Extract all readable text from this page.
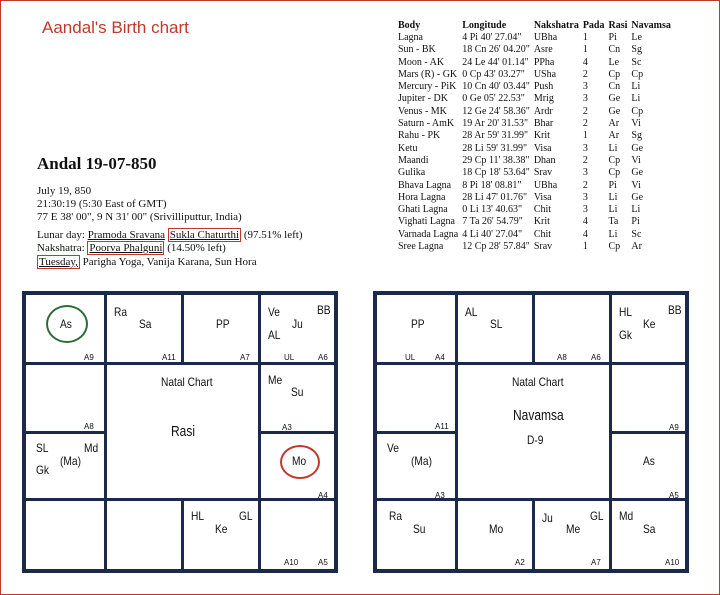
Aandal's Birth chart
Andal 19-07-850
July 19, 850
21:30:19 (5:30 East of GMT)
77 E 38' 00", 9 N 31' 00" (Srivilliputtur, India)
Lunar day: Pramoda Sravana Sukla Chaturthi (97.51% left)
Nakshatra: Poorva Phalguni (14.50% left)
Tuesday, Parigha Yoga, Vanija Karana, Sun Hora
Body	Longitude	Nakshatra	Pada	Rasi	Navamsa
Lagna	4 Pi 40' 27.04"	UBha	1	Pi	Le
Sun - BK	18 Cn 26' 04.20"	Asre	1	Cn	Sg
Moon - AK	24 Le 44' 01.14"	PPha	4	Le	Sc
Mars (R) - GK	0 Cp 43' 03.27"	USha	2	Cp	Cp
Mercury - PiK	10 Cn 40' 03.44"	Push	3	Cn	Li
Jupiter - DK	0 Ge 05' 22.53"	Mrig	3	Ge	Li
Venus - MK	12 Ge 24' 58.36"	Ardr	2	Ge	Cp
Saturn - AmK	19 Ar 20' 31.53"	Bhar	2	Ar	Vi
Rahu - PK	28 Ar 59' 31.99"	Krit	1	Ar	Sg
Ketu	28 Li 59' 31.99"	Visa	3	Li	Ge
Maandi	29 Cp 11' 38.38"	Dhan	2	Cp	Vi
Gulika	18 Cp 18' 53.64"	Srav	3	Cp	Ge
Bhava Lagna	8 Pi 18' 08.81"	UBha	2	Pi	Vi
Hora Lagna	28 Li 47' 01.76"	Visa	3	Li	Ge
Ghati Lagna	0 Li 13' 40.63"	Chit	3	Li	Li
Vighati Lagna	7 Ta 26' 54.79"	Krit	4	Ta	Pi
Varnada Lagna	4 Li 40' 27.04"	Chit	4	Li	Sc
Sree Lagna	12 Cp 28' 57.84"	Srav	1	Cp	Ar
As
A9
Ra
Sa
A11
PP
A7
Ve	BB
Ju
AL
UL	A6
A8
Natal Chart
Rasi
Me
Su
A3
SL	Md
(Ma)
Gk
Mo
A4
HL	GL
Ke
A10 A5
PP
UL A4
AL
SL
A8	A6
HL	BB
Ke
Gk
A11
Natal Chart
Navamsa
D-9
A9
Ve
(Ma)
A3
As
A5
Ra
Su	Mo
A2
Ju
Me
GL
A7
Md
Sa
A10
